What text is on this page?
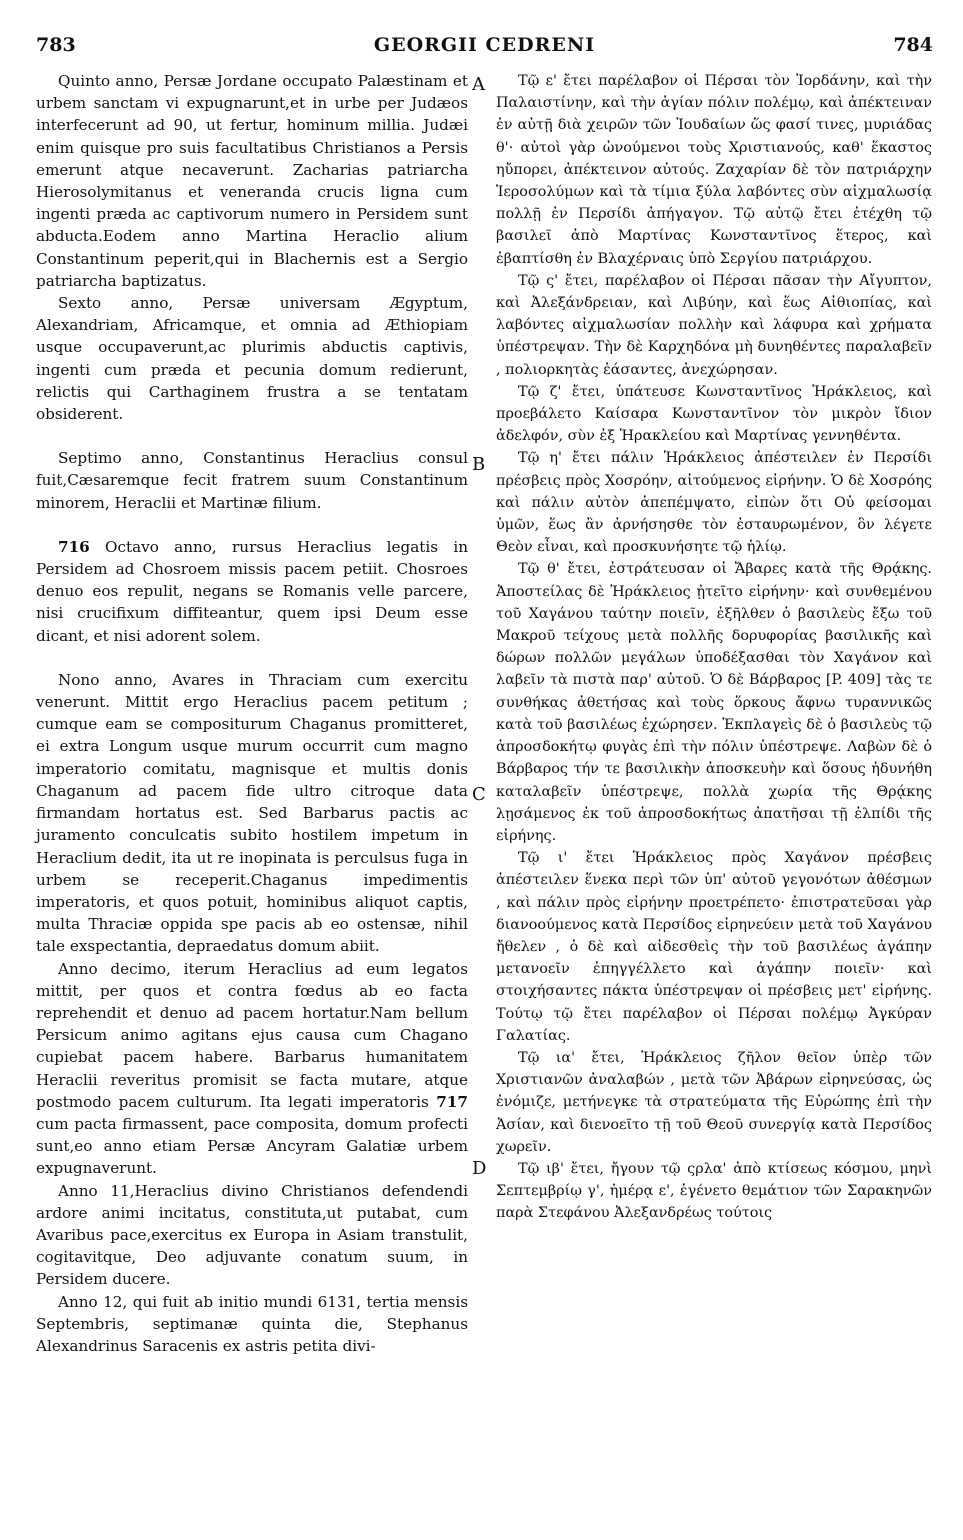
783	GEORGII CEDRENI	784

Quinto anno, Persæ Jordane occupato Palæstinam et urbem sanctam vi expugnarunt,et in urbe per Judæos interfecerunt ad 90, ut fertur, hominum millia. Judæi enim quisque pro suis facultatibus Christianos a Persis emerunt atque necaverunt. Zacharias patriarcha Hierosolymitanus et veneranda crucis ligna cum ingenti præda ac captivorum numero in Persidem sunt abducta.Eodem anno Martina Heraclio alium Constantinum peperit,qui in Blachernis est a Sergio patriarcha baptizatus.

Sexto anno, Persæ universam Ægyptum, Alexandriam, Africamque, et omnia ad Æthiopiam usque occupaverunt,ac plurimis abductis captivis, ingenti cum præda et pecunia domum redierunt, relictis qui Carthaginem frustra a se tentatam obsiderent.

Septimo anno, Constantinus Heraclius consul fuit,Cæsaremque fecit fratrem suum Constantinum minorem, Heraclii et Martinæ filium.

716 Octavo anno, rursus Heraclius legatis in Persidem ad Chosroem missis pacem petiit. Chosroes denuo eos repulit, negans se Romanis velle parcere, nisi crucifixum diffiteantur, quem ipsi Deum esse dicant, et nisi adorent solem.

Nono anno, Avares in Thraciam cum exercitu venerunt. Mittit ergo Heraclius pacem petitum ; cumque eam se compositurum Chaganus promitteret, ei extra Longum usque murum occurrit cum magno imperatorio comitatu, magnisque et multis donis Chaganum ad pacem fide ultro citroque data firmandam hortatus est. Sed Barbarus pactis ac juramento conculcatis subito hostilem impetum in Heraclium dedit, ita ut re inopinata is perculsus fuga in urbem se receperit.Chaganus impedimentis imperatoris, et quos potuit, hominibus aliquot captis, multa Thraciæ oppida spe pacis ab eo ostensæ, nihil tale exspectantia, depraedatus domum abiit.

Anno decimo, iterum Heraclius ad eum legatos mittit, per quos et contra fœdus ab eo facta reprehendit et denuo ad pacem hortatur.Nam bellum Persicum animo agitans ejus causa cum Chagano cupiebat pacem habere. Barbarus humanitatem Heraclii reveritus promisit se facta mutare, atque postmodo pacem culturum. Ita legati imperatoris 717 cum pacta firmassent, pace composita, domum profecti sunt,eo anno etiam Persæ Ancyram Galatiæ urbem expugnaverunt.

Anno 11,Heraclius divino Christianos defendendi ardore animi incitatus, constituta,ut putabat, cum Avaribus pace,exercitus ex Europa in Asiam transtulit, cogitavitque, Deo adjuvante conatum suum, in Persidem ducere.

Anno 12, qui fuit ab initio mundi 6131, tertia mensis Septembris, septimanæ quinta die, Stephanus Alexandrinus Saracenis ex astris petita divi-

A
B
C
D

Τῷ ε' ἔτει παρέλαβον οἱ Πέρσαι τὸν Ἰορδάνην, καὶ τὴν Παλαιστίνην, καὶ τὴν ἁγίαν πόλιν πολέμῳ, καὶ ἀπέκτειναν ἐν αὐτῇ διὰ χειρῶν τῶν Ἰουδαίων ὥς φασί τινες, μυριάδας θ'· αὐτοὶ γὰρ ὠνούμενοι τοὺς Χριστιανούς, καθ' ἕκαστος ηὔπορει, ἀπέκτεινον αὐτούς. Ζαχαρίαν δὲ τὸν πατριάρχην Ἱεροσολύμων καὶ τὰ τίμια ξύλα λαβόντες σὺν αἰχμαλωσίᾳ πολλῇ ἐν Περσίδι ἀπήγαγον. Τῷ αὐτῷ ἔτει ἐτέχθη τῷ βασιλεῖ ἀπὸ Μαρτίνας Κωνσταντῖνος ἕτερος, καὶ ἐβαπτίσθη ἐν Βλαχέρναις ὑπὸ Σεργίου πατριάρχου.

Τῷ ς' ἔτει, παρέλαβον οἱ Πέρσαι πᾶσαν τὴν Αἴγυπτον, καὶ Ἀλεξάνδρειαν, καὶ Λιβύην, καὶ ἕως Αἰθιοπίας, καὶ λαβόντες αἰχμαλωσίαν πολλὴν καὶ λάφυρα καὶ χρήματα ὑπέστρεψαν. Τὴν δὲ Καρχηδόνα μὴ δυνηθέντες παραλαβεῖν , πολιορκητὰς ἐάσαντες, ἀνεχώρησαν.

Τῷ ζ' ἔτει, ὑπάτευσε Κωνσταντῖνος Ἡράκλειος, καὶ προεβάλετο Καίσαρα Κωνσταντῖνον τὸν μικρὸν ἴδιον ἀδελφόν, σὺν ἐξ Ἡρακλείου καὶ Μαρτίνας γεννηθέντα.

Τῷ η' ἔτει πάλιν Ἡράκλειος ἀπέστειλεν ἐν Περσίδι πρέσβεις πρὸς Χοσρόην, αἰτούμενος εἰρήνην. Ὁ δὲ Χοσρόης καὶ πάλιν αὐτὸν ἀπεπέμψατο, εἰπὼν ὅτι Οὐ φείσομαι ὑμῶν, ἕως ἂν ἀρνήσησθε τὸν ἐσταυρωμένον, ὃν λέγετε Θεὸν εἶναι, καὶ προσκυνήσητε τῷ ἡλίῳ.

Τῷ θ' ἔτει, ἐστράτευσαν οἱ Ἄβαρες κατὰ τῆς Θρᾴκης. Ἀποστείλας δὲ Ἡράκλειος ᾐτεῖτο εἰρήνην· καὶ συνθεμένου τοῦ Χαγάνου ταύτην ποιεῖν, ἐξῆλθεν ὁ βασιλεὺς ἔξω τοῦ Μακροῦ τείχους μετὰ πολλῆς δορυφορίας βασιλικῆς καὶ δώρων πολλῶν μεγάλων ὑποδέξασθαι τὸν Χαγάνον καὶ λαβεῖν τὰ πιστὰ παρ' αὐτοῦ. Ὁ δὲ Βάρβαρος [P. 409] τὰς τε συνθήκας ἀθετήσας καὶ τοὺς ὅρκους ἄφνω τυραννικῶς κατὰ τοῦ βασιλέως ἐχώρησεν. Ἐκπλαγεὶς δὲ ὁ βασιλεὺς τῷ ἀπροσδοκήτῳ φυγὰς ἐπὶ τὴν πόλιν ὑπέστρεψε. Λαβὼν δὲ ὁ Βάρβαρος τήν τε βασιλικὴν ἀποσκευὴν καὶ ὅσους ἠδυνήθη καταλαβεῖν ὑπέστρεψε, πολλὰ χωρία τῆς Θρᾴκης λῃσάμενος ἐκ τοῦ ἀπροσδοκήτως ἀπατῆσαι τῇ ἐλπίδι τῆς εἰρήνης.

Τῷ ι' ἔτει Ἡράκλειος πρὸς Χαγάνον πρέσβεις ἀπέστειλεν ἕνεκα περὶ τῶν ὑπ' αὐτοῦ γεγονότων ἀθέσμων , καὶ πάλιν πρὸς εἰρήνην προετρέπετο· ἐπιστρατεῦσαι γὰρ διανοούμενος κατὰ Περσίδος εἰρηνεύειν μετὰ τοῦ Χαγάνου ἤθελεν , ὁ δὲ καὶ αἰδεσθεὶς τὴν τοῦ βασιλέως ἀγάπην μετανοεῖν ἐπηγγέλλετο καὶ ἀγάπην ποιεῖν· καὶ στοιχήσαντες πάκτα ὑπέστρεψαν οἱ πρέσβεις μετ' εἰρήνης. Τούτῳ τῷ ἔτει παρέλαβον οἱ Πέρσαι πολέμῳ Ἀγκύραν Γαλατίας.

Τῷ ια' ἔτει, Ἡράκλειος ζῆλον θεῖον ὑπὲρ τῶν Χριστιανῶν ἀναλαβών , μετὰ τῶν Ἀβάρων εἰρηνεύσας, ὡς ἐνόμιζε, μετήνεγκε τὰ στρατεύματα τῆς Εὐρώπης ἐπὶ τὴν Ἀσίαν, καὶ διενοεῖτο τῇ τοῦ Θεοῦ συνεργίᾳ κατὰ Περσίδος χωρεῖν.

Τῷ ιβ' ἔτει, ἤγουν τῷ ςρλα' ἀπὸ κτίσεως κόσμου, μηνὶ Σεπτεμβρίῳ γ', ἡμέρᾳ ε', ἐγένετο θεμάτιον τῶν Σαρακηνῶν παρὰ Στεφάνου Ἀλεξανδρέως τούτοις
